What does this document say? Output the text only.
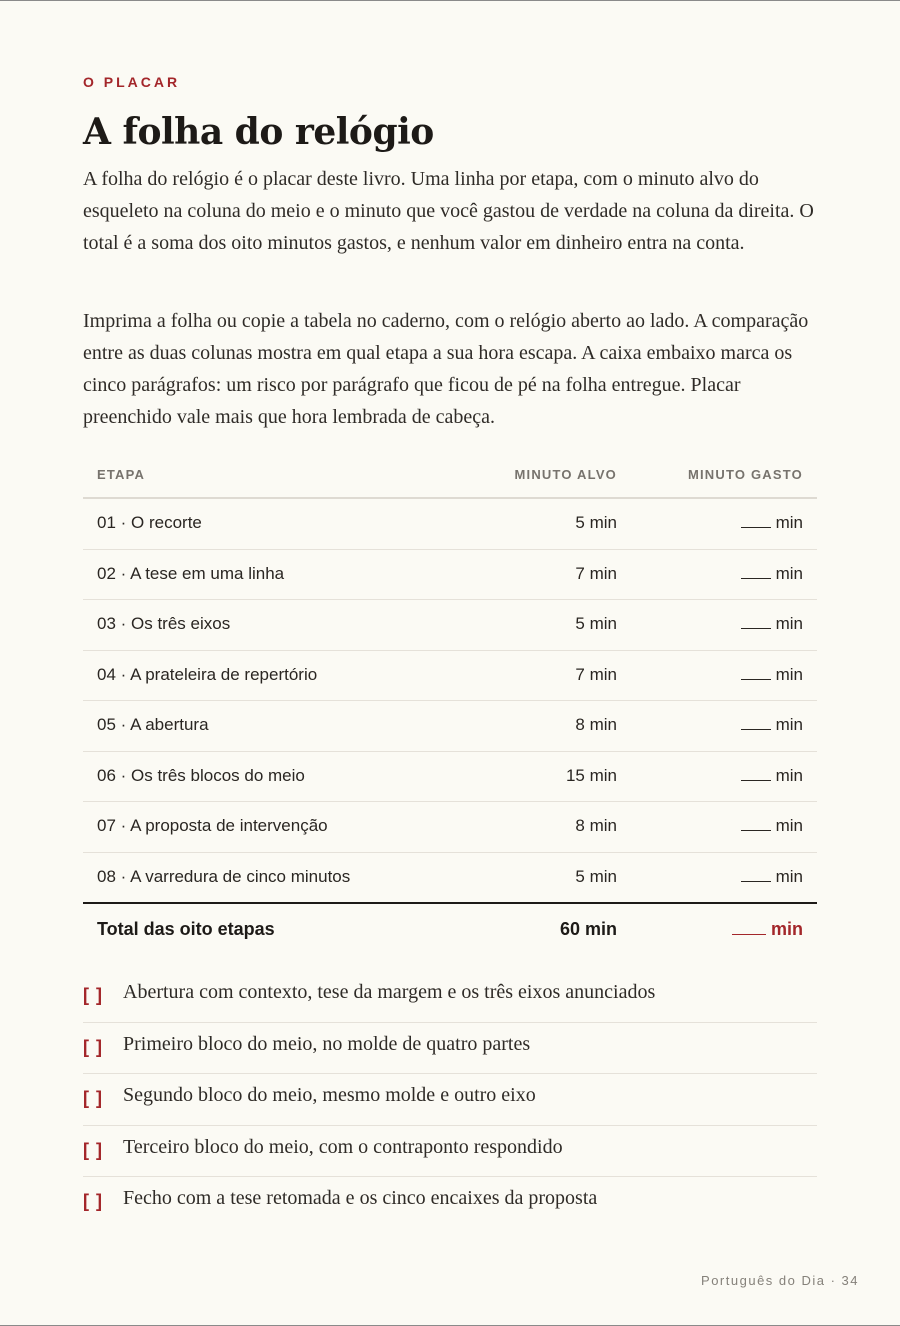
O PLACAR
A folha do relógio

A folha do relógio é o placar deste livro. Uma linha por etapa, com o minuto alvo do esqueleto na coluna do meio e o minuto que você gastou de verdade na coluna da direita. O total é a soma dos oito minutos gastos, e nenhum valor em dinheiro entra na conta.

Imprima a folha ou copie a tabela no caderno, com o relógio aberto ao lado. A comparação entre as duas colunas mostra em qual etapa a sua hora escapa. A caixa embaixo marca os cinco parágrafos: um risco por parágrafo que ficou de pé na folha entregue. Placar preenchido vale mais que hora lembrada de cabeça.

ETAPA	MINUTO ALVO	MINUTO GASTO
01 · O recorte	5 min	min
02 · A tese em uma linha	7 min	min
03 · Os três eixos	5 min	min
04 · A prateleira de repertório	7 min	min
05 · A abertura	8 min	min
06 · Os três blocos do meio	15 min	min
07 · A proposta de intervenção	8 min	min
08 · A varredura de cinco minutos	5 min	min
Total das oito etapas	60 min	min
[ ] Abertura com contexto, tese da margem e os três eixos anunciados
[ ] Primeiro bloco do meio, no molde de quatro partes
[ ] Segundo bloco do meio, mesmo molde e outro eixo
[ ] Terceiro bloco do meio, com o contraponto respondido
[ ] Fecho com a tese retomada e os cinco encaixes da proposta
Português do Dia · 34
